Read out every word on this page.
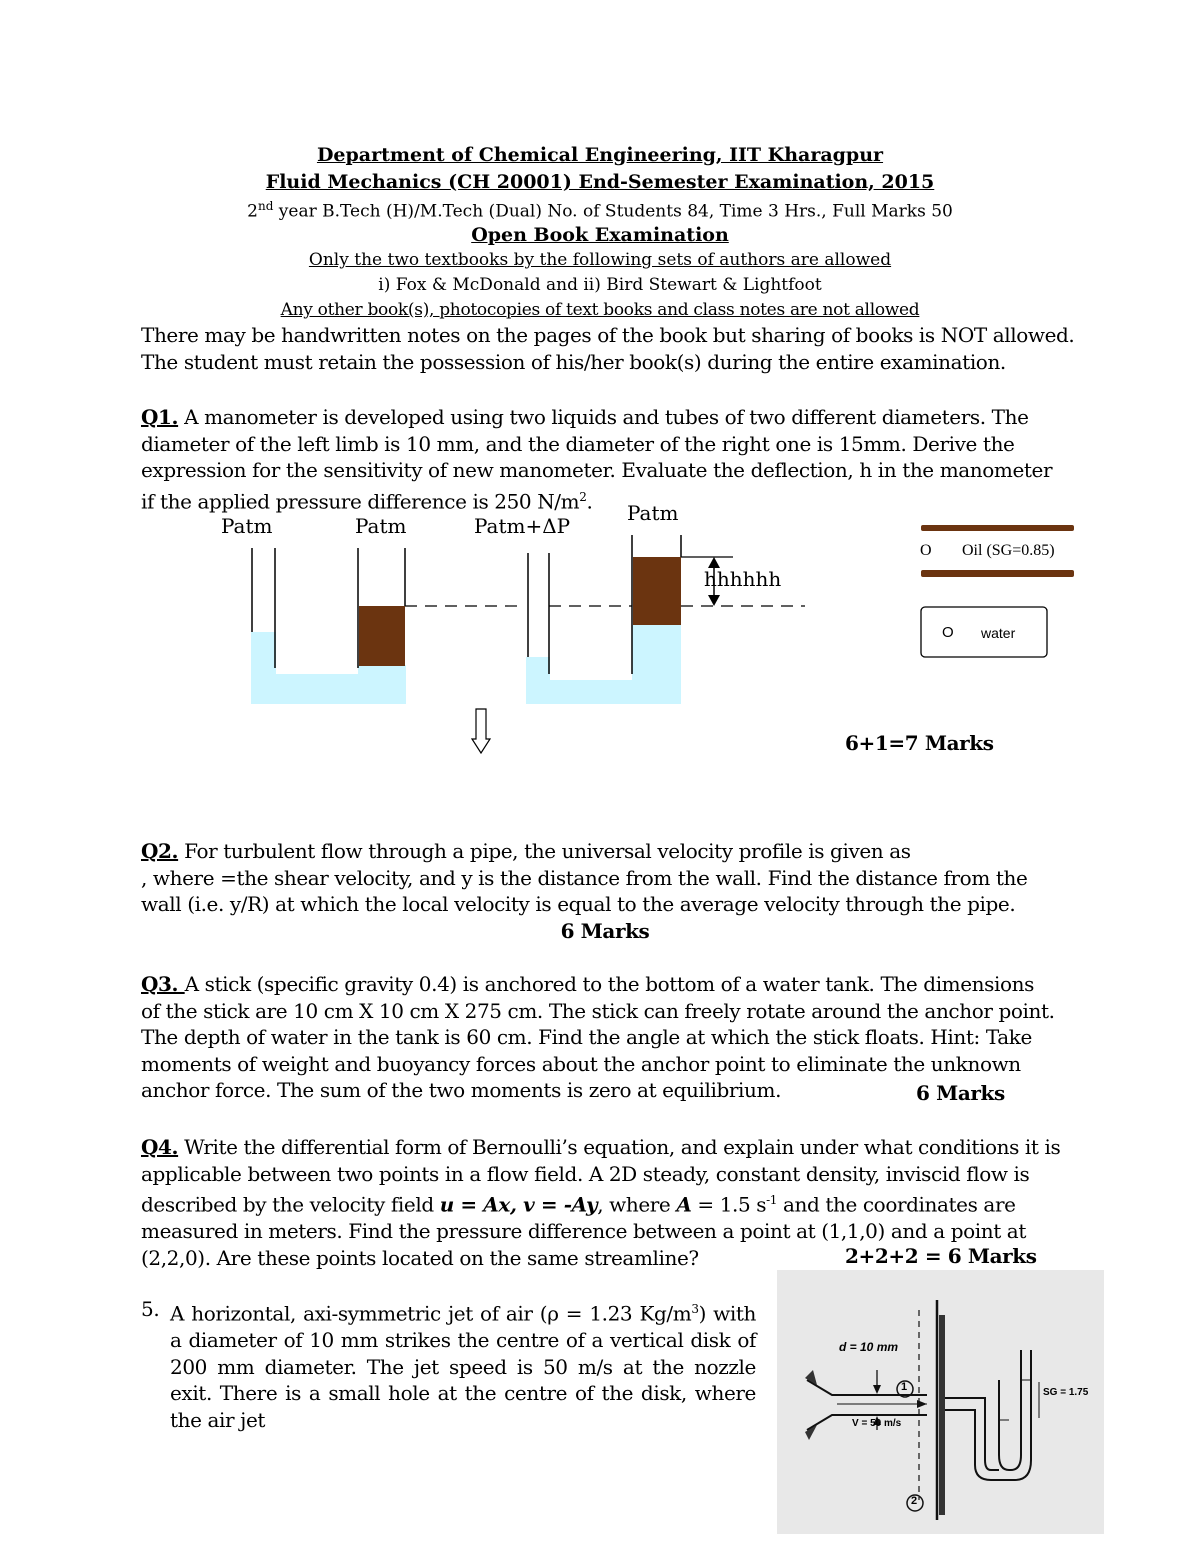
Department of Chemical Engineering, IIT Kharagpur
Fluid Mechanics (CH 20001) End-Semester Examination, 2015
2nd year B.Tech (H)/M.Tech (Dual) No. of Students 84, Time 3 Hrs., Full Marks 50
Open Book Examination
Only the two textbooks by the following sets of authors are allowed
i) Fox & McDonald and ii) Bird Stewart & Lightfoot
Any other book(s), photocopies of text books and class notes are not allowed
There may be handwritten notes on the pages of the book but sharing of books is NOT allowed.
The student must retain the possession of his/her book(s) during the entire examination.
Q1. A manometer is developed using two liquids and tubes of two different diameters. The diameter of the left limb is 10 mm, and the diameter of the right one is 15mm. Derive the expression for the sensitivity of new manometer. Evaluate the deflection, h in the manometer if the applied pressure difference is 250 $N/m^2$.
Patm	Patm	Patm+ΔP
Patm
hhhhhh
O Oil (SG=0.85)
O water
6+1=7 Marks
Q2. For turbulent flow through a pipe, the universal velocity profile is given as
, where =the shear velocity, and y is the distance from the wall. Find the distance from the wall (i.e. y/R) at which the local velocity is equal to the average velocity through the pipe.
6 Marks
Q3. A stick (specific gravity 0.4) is anchored to the bottom of a water tank. The dimensions of the stick are 10 cm X 10 cm X 275 cm. The stick can freely rotate around the anchor point. The depth of water in the tank is 60 cm. Find the angle at which the stick floats. Hint: Take moments of weight and buoyancy forces about the anchor point to eliminate the unknown anchor force. The sum of the two moments is zero at equilibrium.	6 Marks
Q4. Write the differential form of Bernoulli’s equation, and explain under what conditions it is applicable between two points in a flow field. A 2D steady, constant density, inviscid flow is described by the velocity field u = Ax, v = -Ay, where A = 1.5 $s^{-1}$ and the coordinates are measured in meters. Find the pressure difference between a point at (1,1,0) and a point at (2,2,0). Are these points located on the same streamline?	2+2+2 = 6 Marks
5. A horizontal, axi-symmetric jet of air (ρ = 1.23 $Kg/m^3$) with a diameter of 10 mm strikes the centre of a vertical disk of 200 mm diameter. The jet speed is 50 m/s at the nozzle exit. There is a small hole at the centre of the disk, where the air jet
d = 10 mm
V = 50 m/s
SG = 1.75
1
2
